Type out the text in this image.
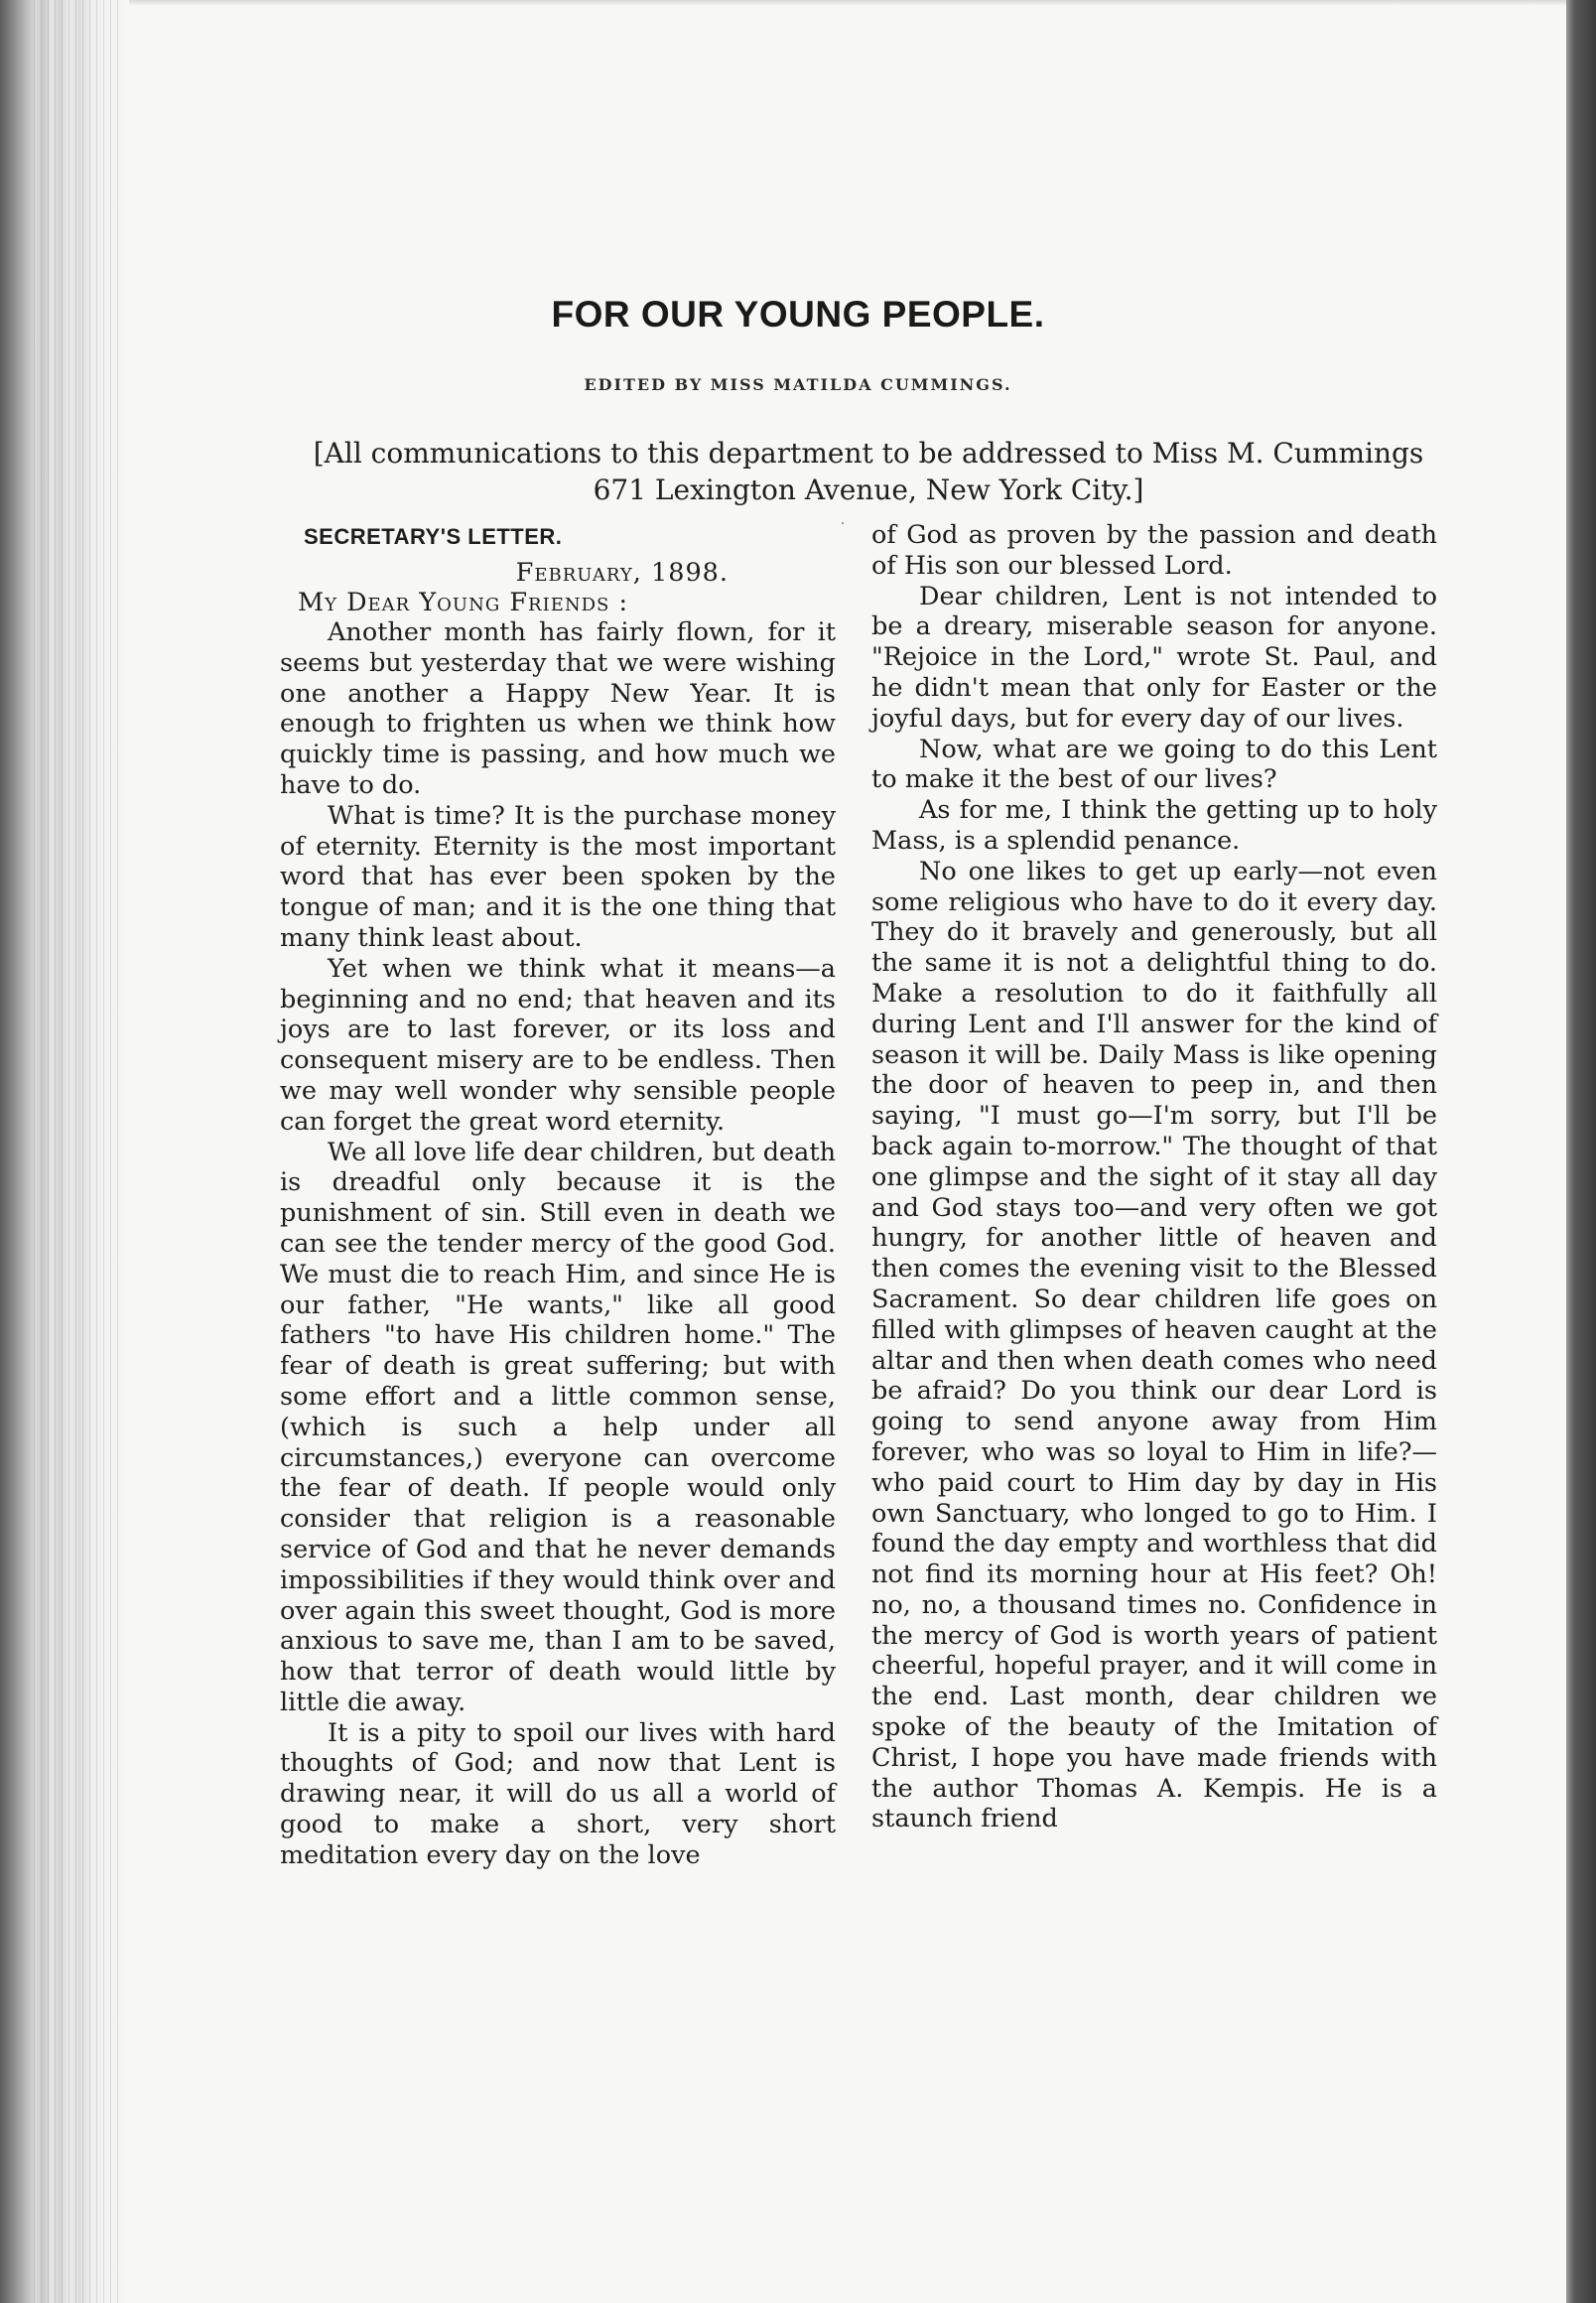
FOR OUR YOUNG PEOPLE.
EDITED BY MISS MATILDA CUMMINGS.
[All communications to this department to be addressed to Miss M. Cummings 671 Lexington Avenue, New York City.]
SECRETARY'S LETTER.
February, 1898.
My Dear Young Friends :

Another month has fairly flown, for it seems but yesterday that we were wishing one another a Happy New Year. It is enough to frighten us when we think how quickly time is passing, and how much we have to do.

What is time? It is the purchase money of eternity. Eternity is the most important word that has ever been spoken by the tongue of man; and it is the one thing that many think least about.

Yet when we think what it means—a beginning and no end; that heaven and its joys are to last forever, or its loss and consequent misery are to be endless. Then we may well wonder why sensible people can forget the great word eternity.

We all love life dear children, but death is dreadful only because it is the punishment of sin. Still even in death we can see the tender mercy of the good God. We must die to reach Him, and since He is our father, "He wants," like all good fathers "to have His children home." The fear of death is great suffering; but with some effort and a little common sense, (which is such a help under all circumstances,) everyone can overcome the fear of death. If people would only consider that religion is a reasonable service of God and that he never demands impossibilities if they would think over and over again this sweet thought, God is more anxious to save me, than I am to be saved, how that terror of death would little by little die away.

It is a pity to spoil our lives with hard thoughts of God; and now that Lent is drawing near, it will do us all a world of good to make a short, very short meditation every day on the love

of God as proven by the passion and death of His son our blessed Lord.

Dear children, Lent is not intended to be a dreary, miserable season for anyone. "Rejoice in the Lord," wrote St. Paul, and he didn't mean that only for Easter or the joyful days, but for every day of our lives.

Now, what are we going to do this Lent to make it the best of our lives?

As for me, I think the getting up to holy Mass, is a splendid penance.

No one likes to get up early—not even some religious who have to do it every day. They do it bravely and generously, but all the same it is not a delightful thing to do. Make a resolution to do it faithfully all during Lent and I'll answer for the kind of season it will be. Daily Mass is like opening the door of heaven to peep in, and then saying, "I must go—I'm sorry, but I'll be back again to-morrow." The thought of that one glimpse and the sight of it stay all day and God stays too—and very often we got hungry, for another little of heaven and then comes the evening visit to the Blessed Sacrament. So dear children life goes on filled with glimpses of heaven caught at the altar and then when death comes who need be afraid? Do you think our dear Lord is going to send anyone away from Him forever, who was so loyal to Him in life?—who paid court to Him day by day in His own Sanctuary, who longed to go to Him. I found the day empty and worthless that did not find its morning hour at His feet? Oh! no, no, a thousand times no. Confidence in the mercy of God is worth years of patient cheerful, hopeful prayer, and it will come in the end. Last month, dear children we spoke of the beauty of the Imitation of Christ, I hope you have made friends with the author Thomas A. Kempis. He is a staunch friend
